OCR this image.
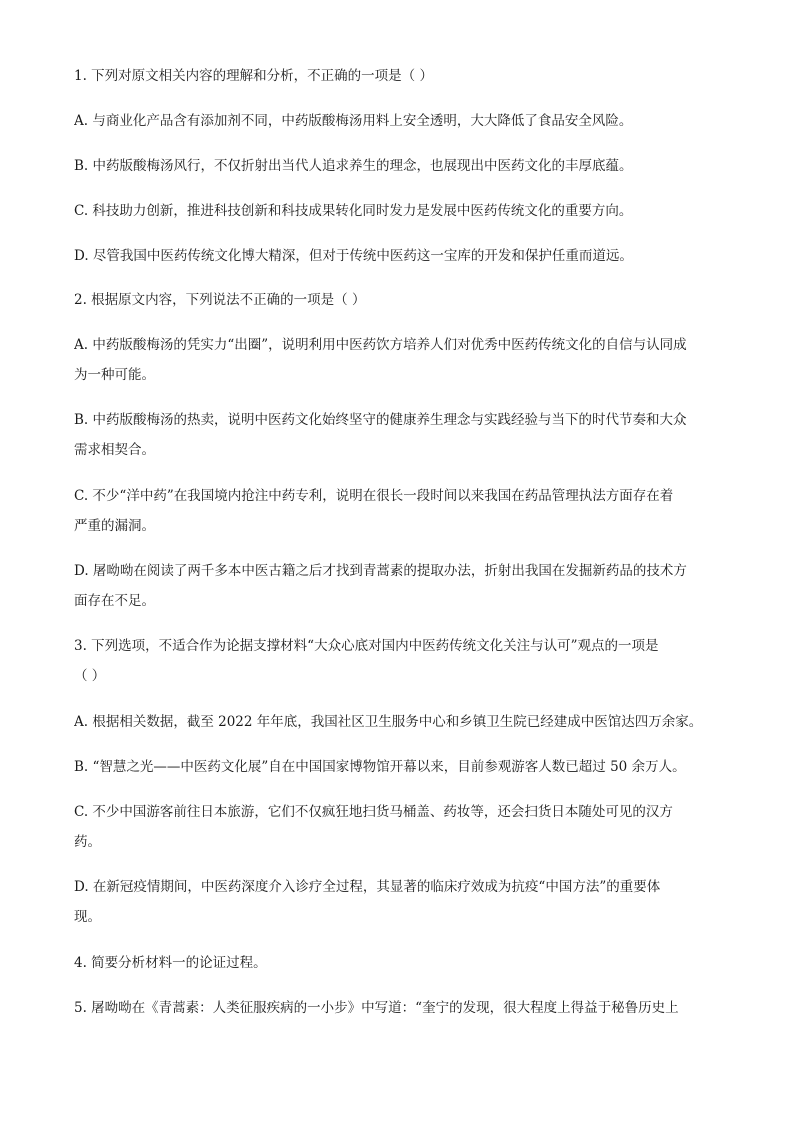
1. 下列对原文相关内容的理解和分析，不正确的一项是（ ）
A. 与商业化产品含有添加剂不同，中药版酸梅汤用料上安全透明，大大降低了食品安全风险。
B. 中药版酸梅汤风行，不仅折射出当代人追求养生的理念，也展现出中医药文化的丰厚底蕴。
C. 科技助力创新，推进科技创新和科技成果转化同时发力是发展中医药传统文化的重要方向。
D. 尽管我国中医药传统文化博大精深，但对于传统中医药这一宝库的开发和保护任重而道远。
2. 根据原文内容，下列说法不正确的一项是（ ）
A. 中药版酸梅汤的凭实力“出圈”，说明利用中医药饮方培养人们对优秀中医药传统文化的自信与认同成
为一种可能。
B. 中药版酸梅汤的热卖，说明中医药文化始终坚守的健康养生理念与实践经验与当下的时代节奏和大众
需求相契合。
C. 不少“洋中药”在我国境内抢注中药专利，说明在很长一段时间以来我国在药品管理执法方面存在着
严重的漏洞。
D. 屠呦呦在阅读了两千多本中医古籍之后才找到青蒿素的提取办法，折射出我国在发掘新药品的技术方
面存在不足。
3. 下列选项，不适合作为论据支撑材料“大众心底对国内中医药传统文化关注与认可”观点的一项是
（ ）
A. 根据相关数据，截至 2022 年年底，我国社区卫生服务中心和乡镇卫生院已经建成中医馆达四万余家。
B. “智慧之光——中医药文化展”自在中国国家博物馆开幕以来，目前参观游客人数已超过 50 余万人。
C. 不少中国游客前往日本旅游，它们不仅疯狂地扫货马桶盖、药妆等，还会扫货日本随处可见的汉方
药。
D. 在新冠疫情期间，中医药深度介入诊疗全过程，其显著的临床疗效成为抗疫“中国方法”的重要体
现。
4. 简要分析材料一的论证过程。
5. 屠呦呦在《青蒿素：人类征服疾病的一小步》中写道：“奎宁的发现，很大程度上得益于秘鲁历史上
